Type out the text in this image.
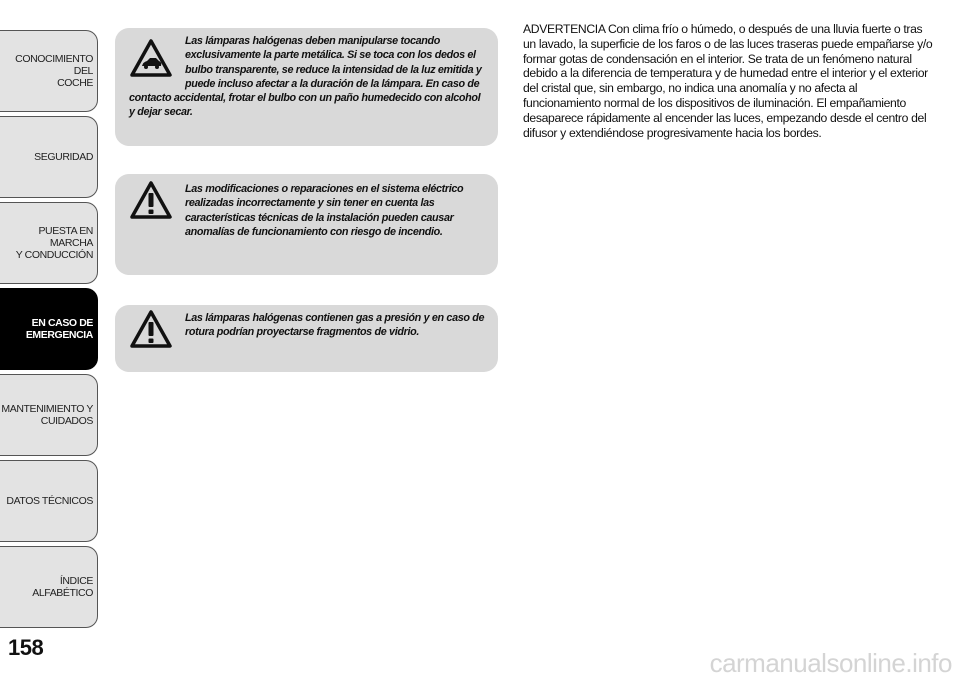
CONOCIMIENTO DEL
COCHE
SEGURIDAD
PUESTA EN MARCHA
Y CONDUCCIÓN
EN CASO DE
EMERGENCIA
MANTENIMIENTO Y
CUIDADOS
DATOS TÉCNICOS
ÍNDICE ALFABÉTICO
158

Las lámparas halógenas deben manipularse tocando exclusivamente la parte metálica. Si se toca con los dedos el bulbo transparente, se reduce la intensidad de la luz emitida y puede incluso afectar a la duración de la lámpara. En caso de contacto accidental, frotar el bulbo con un paño humedecido con alcohol y dejar secar.

Las modificaciones o reparaciones en el sistema eléctrico realizadas incorrectamente y sin tener en cuenta las características técnicas de la instalación pueden causar anomalías de funcionamiento con riesgo de incendio.

Las lámparas halógenas contienen gas a presión y en caso de rotura podrían proyectarse fragmentos de vidrio.

ADVERTENCIA Con clima frío o húmedo, o después de una lluvia fuerte o tras un lavado, la superficie de los faros o de las luces traseras puede empañarse y/o formar gotas de condensación en el interior. Se trata de un fenómeno natural debido a la diferencia de temperatura y de humedad entre el interior y el exterior del cristal que, sin embargo, no indica una anomalía y no afecta al funcionamiento normal de los dispositivos de iluminación. El empañamiento desaparece rápidamente al encender las luces, empezando desde el centro del difusor y extendiéndose progresivamente hacia los bordes.

carmanualsonline.info
